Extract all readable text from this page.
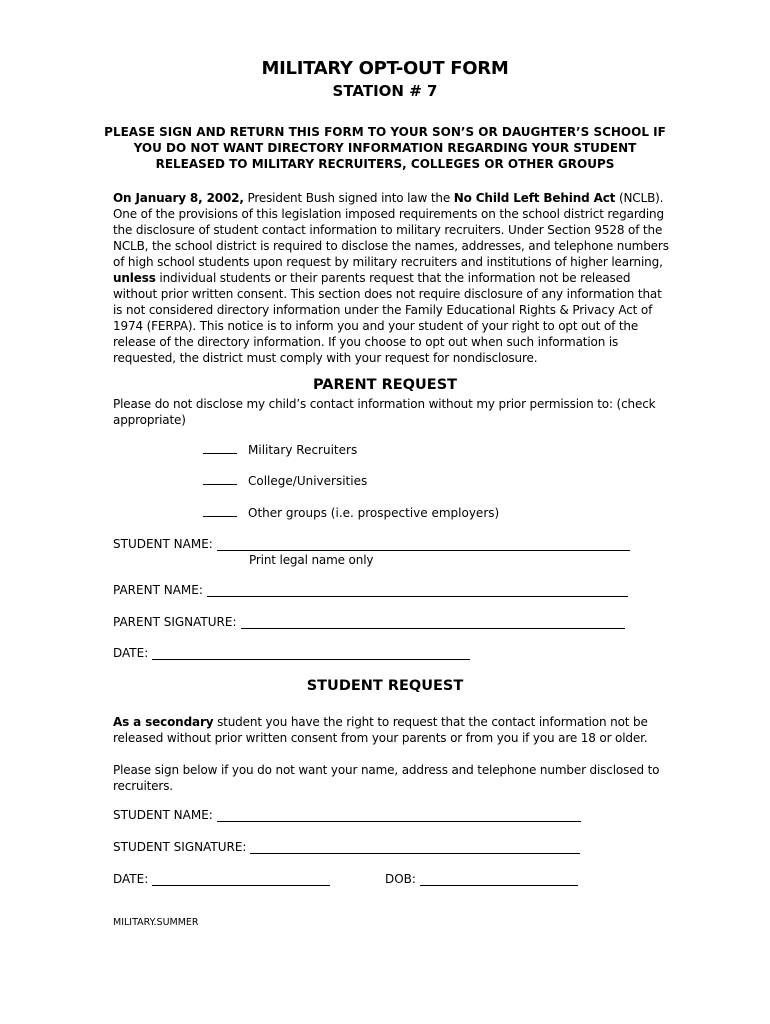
MILITARY OPT-OUT FORM
STATION # 7
PLEASE SIGN AND RETURN THIS FORM TO YOUR SON’S OR DAUGHTER’S SCHOOL IF YOU DO NOT WANT DIRECTORY INFORMATION REGARDING YOUR STUDENT RELEASED TO MILITARY RECRUITERS, COLLEGES OR OTHER GROUPS
On January 8, 2002, President Bush signed into law the No Child Left Behind Act (NCLB). One of the provisions of this legislation imposed requirements on the school district regarding the disclosure of student contact information to military recruiters. Under Section 9528 of the NCLB, the school district is required to disclose the names, addresses, and telephone numbers of high school students upon request by military recruiters and institutions of higher learning, unless individual students or their parents request that the information not be released without prior written consent. This section does not require disclosure of any information that is not considered directory information under the Family Educational Rights & Privacy Act of 1974 (FERPA). This notice is to inform you and your student of your right to opt out of the release of the directory information. If you choose to opt out when such information is requested, the district must comply with your request for nondisclosure.
PARENT REQUEST
Please do not disclose my child’s contact information without my prior permission to: (check appropriate)
Military Recruiters
College/Universities
Other groups (i.e. prospective employers)
STUDENT NAME:
Print legal name only
PARENT NAME:
PARENT SIGNATURE:
DATE:
STUDENT REQUEST
As a secondary student you have the right to request that the contact information not be released without prior written consent from your parents or from you if you are 18 or older.
Please sign below if you do not want your name, address and telephone number disclosed to recruiters.
STUDENT NAME:
STUDENT SIGNATURE:
DATE:	DOB:
MILITARY.SUMMER
